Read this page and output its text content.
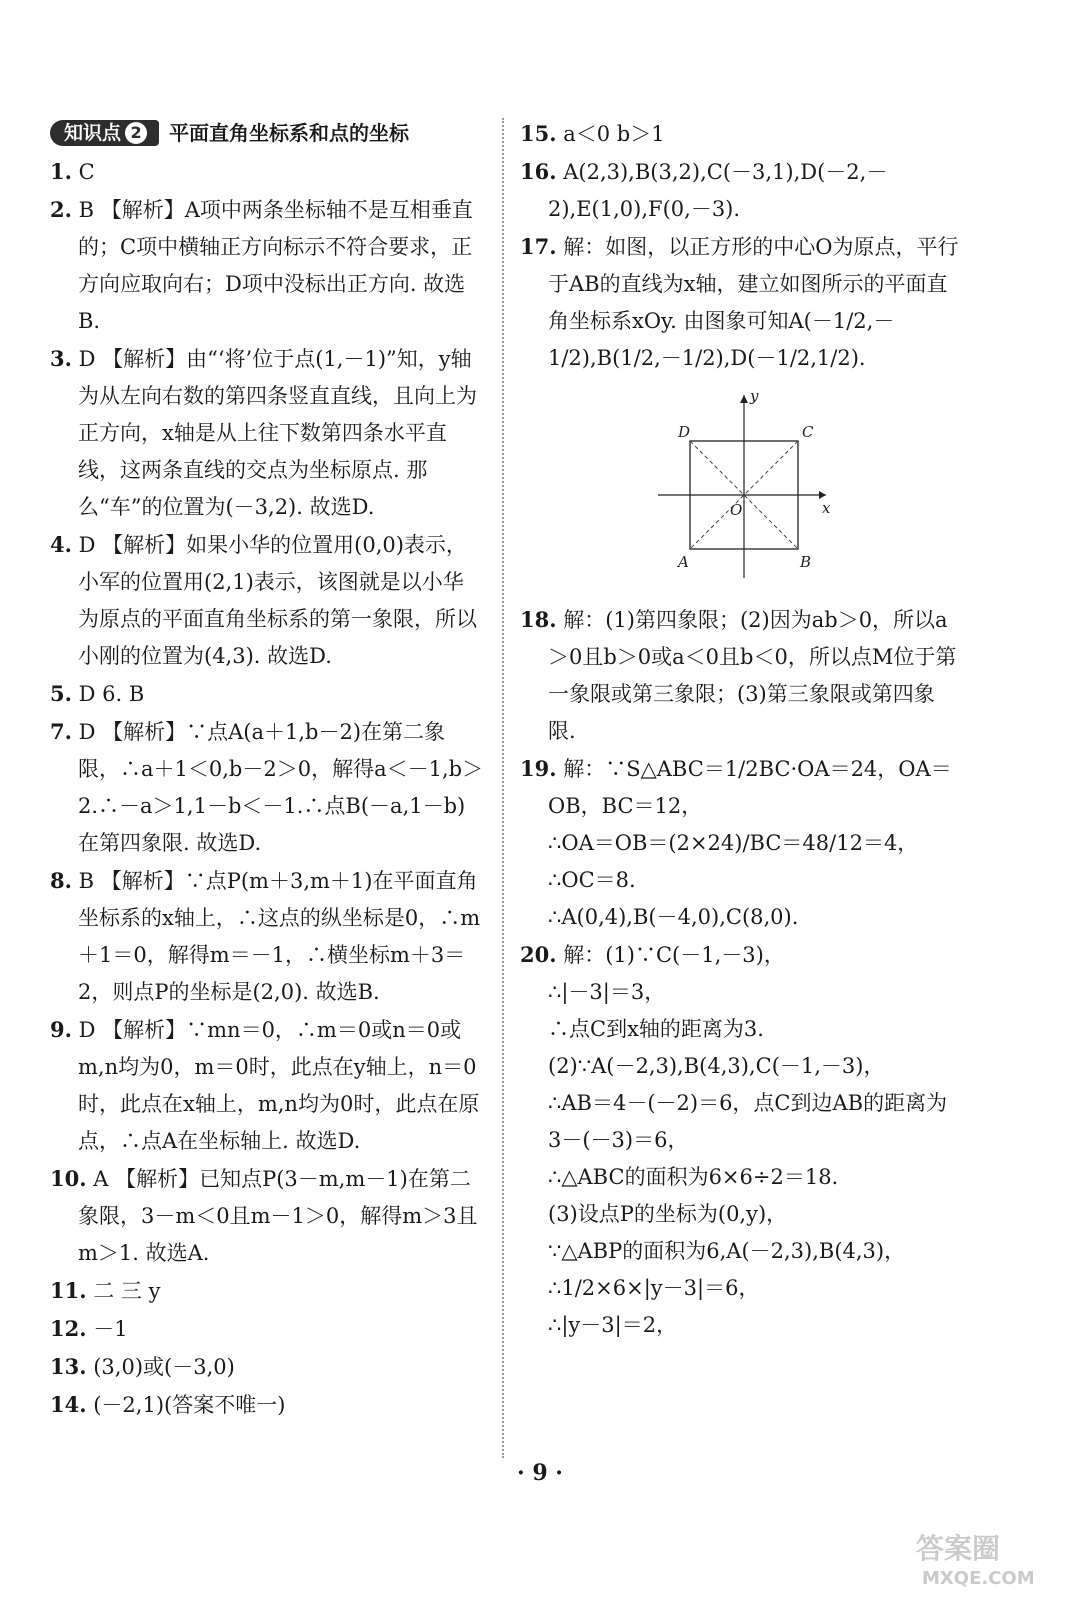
知识点 2 平面直角坐标系和点的坐标

1. C

2. B 【解析】A项中两条坐标轴不是互相垂直的；C项中横轴正方向标示不符合要求，正方向应取向右；D项中没标出正方向. 故选B.

3. D 【解析】由“‘将’位于点(1,－1)”知，y轴为从左向右数的第四条竖直直线，且向上为正方向，x轴是从上往下数第四条水平直线，这两条直线的交点为坐标原点. 那么“车”的位置为(－3,2). 故选D.

4. D 【解析】如果小华的位置用(0,0)表示，小军的位置用(2,1)表示，该图就是以小华为原点的平面直角坐标系的第一象限，所以小刚的位置为(4,3). 故选D.

5. D 6. B

7. D 【解析】∵点A(a＋1,b－2)在第二象限，∴a＋1＜0,b－2＞0，解得a＜－1,b＞2.∴－a＞1,1－b＜－1.∴点B(－a,1－b)在第四象限. 故选D.

8. B 【解析】∵点P(m＋3,m＋1)在平面直角坐标系的x轴上，∴这点的纵坐标是0，∴m＋1＝0，解得m＝－1，∴横坐标m＋3＝2，则点P的坐标是(2,0). 故选B.

9. D 【解析】∵mn＝0，∴m＝0或n＝0或m,n均为0，m＝0时，此点在y轴上，n＝0时，此点在x轴上，m,n均为0时，此点在原点，∴点A在坐标轴上. 故选D.

10. A 【解析】已知点P(3－m,m－1)在第二象限，3－m＜0且m－1＞0，解得m＞3且m＞1. 故选A.

11. 二 三 y

12. －1

13. (3,0)或(－3,0)

14. (－2,1)(答案不唯一)

15. a＜0 b＞1

16. A(2,3),B(3,2),C(－3,1),D(－2,－2),E(1,0),F(0,－3).

17. 解：如图，以正方形的中心O为原点，平行于AB的直线为x轴，建立如图所示的平面直角坐标系xOy. 由图象可知A(－1/2,－1/2),B(1/2,－1/2),D(－1/2,1/2).

D	C
A	B
O	x
y

18. 解：(1)第四象限；(2)因为ab＞0，所以a＞0且b＞0或a＜0且b＜0，所以点M位于第一象限或第三象限；(3)第三象限或第四象限.

19. 解：∵S△ABC＝1/2BC·OA＝24，OA＝OB，BC＝12，

∴OA＝OB＝(2×24)/BC＝48/12＝4，

∴OC＝8.

∴A(0,4),B(－4,0),C(8,0).

20. 解：(1)∵C(－1,－3)，

∴|－3|＝3，

∴点C到x轴的距离为3.

(2)∵A(－2,3),B(4,3),C(－1,－3)，

∴AB＝4－(－2)＝6，点C到边AB的距离为3－(－3)＝6，

∴△ABC的面积为6×6÷2＝18.

(3)设点P的坐标为(0,y)，

∵△ABP的面积为6,A(－2,3),B(4,3)，

∴1/2×6×|y－3|＝6，

∴|y－3|＝2，

· 9 ·
答案圈
MXQE.COM
